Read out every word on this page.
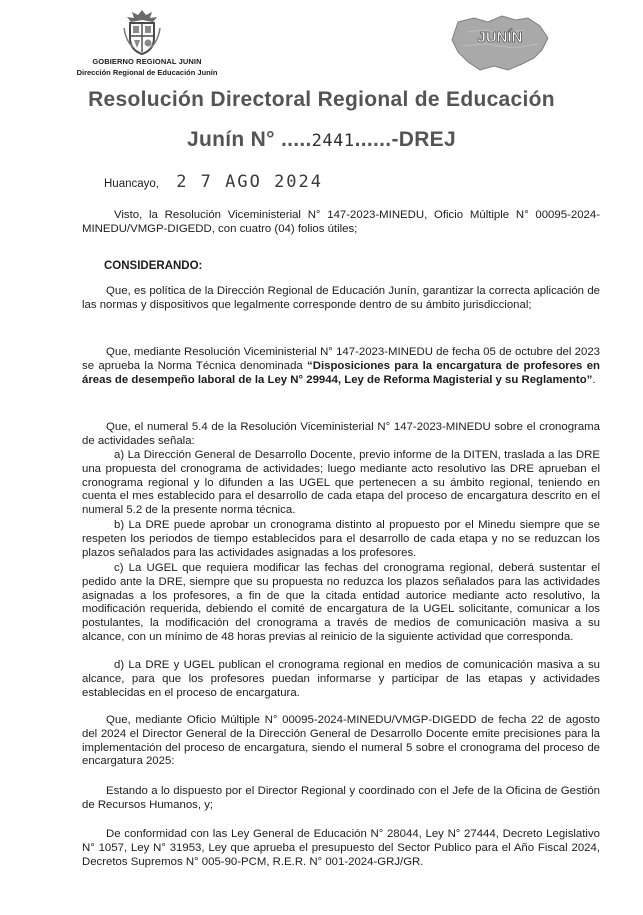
GOBIERNO REGIONAL JUNIN
Dirección Regional de Educación Junín
JUNÍN
Resolución Directoral Regional de Educación
Junín N° .....2441......-DREJ
Huancayo, 2 7 AGO 2024
Visto, la Resolución Viceministerial N° 147-2023-MINEDU, Oficio Múltiple N° 00095-2024-MINEDU/VMGP-DIGEDD, con cuatro (04) folios útiles;
CONSIDERANDO:
Que, es política de la Dirección Regional de Educación Junín, garantizar la correcta aplicación de las normas y dispositivos que legalmente corresponde dentro de su ámbito jurisdiccional;
Que, mediante Resolución Viceministerial N° 147-2023-MINEDU de fecha 05 de octubre del 2023 se aprueba la Norma Técnica denominada “Disposiciones para la encargatura de profesores en áreas de desempeño laboral de la Ley N° 29944, Ley de Reforma Magisterial y su Reglamento”.
Que, el numeral 5.4 de la Resolución Viceministerial N° 147-2023-MINEDU sobre el cronograma de actividades señala:
a) La Dirección General de Desarrollo Docente, previo informe de la DITEN, traslada a las DRE una propuesta del cronograma de actividades; luego mediante acto resolutivo las DRE aprueban el cronograma regional y lo difunden a las UGEL que pertenecen a su ámbito regional, teniendo en cuenta el mes establecido para el desarrollo de cada etapa del proceso de encargatura descrito en el numeral 5.2 de la presente norma técnica.
b) La DRE puede aprobar un cronograma distinto al propuesto por el Minedu siempre que se respeten los periodos de tiempo establecidos para el desarrollo de cada etapa y no se reduzcan los plazos señalados para las actividades asignadas a los profesores.
c) La UGEL que requiera modificar las fechas del cronograma regional, deberá sustentar el pedido ante la DRE, siempre que su propuesta no reduzca los plazos señalados para las actividades asignadas a los profesores, a fin de que la citada entidad autorice mediante acto resolutivo, la modificación requerida, debiendo el comité de encargatura de la UGEL solicitante, comunicar a los postulantes, la modificación del cronograma a través de medios de comunicación masiva a su alcance, con un mínimo de 48 horas previas al reinicio de la siguiente actividad que corresponda.
d) La DRE y UGEL publican el cronograma regional en medios de comunicación masiva a su alcance, para que los profesores puedan informarse y participar de las etapas y actividades establecidas en el proceso de encargatura.
Que, mediante Oficio Múltiple N° 00095-2024-MINEDU/VMGP-DIGEDD de fecha 22 de agosto del 2024 el Director General de la Dirección General de Desarrollo Docente emite precisiones para la implementación del proceso de encargatura, siendo el numeral 5 sobre el cronograma del proceso de encargatura 2025:
Estando a lo dispuesto por el Director Regional y coordinado con el Jefe de la Oficina de Gestión de Recursos Humanos, y;
De conformidad con las Ley General de Educación N° 28044, Ley N° 27444, Decreto Legislativo N° 1057, Ley N° 31953, Ley que aprueba el presupuesto del Sector Publico para el Año Fiscal 2024, Decretos Supremos N° 005-90-PCM, R.E.R. N° 001-2024-GRJ/GR.
